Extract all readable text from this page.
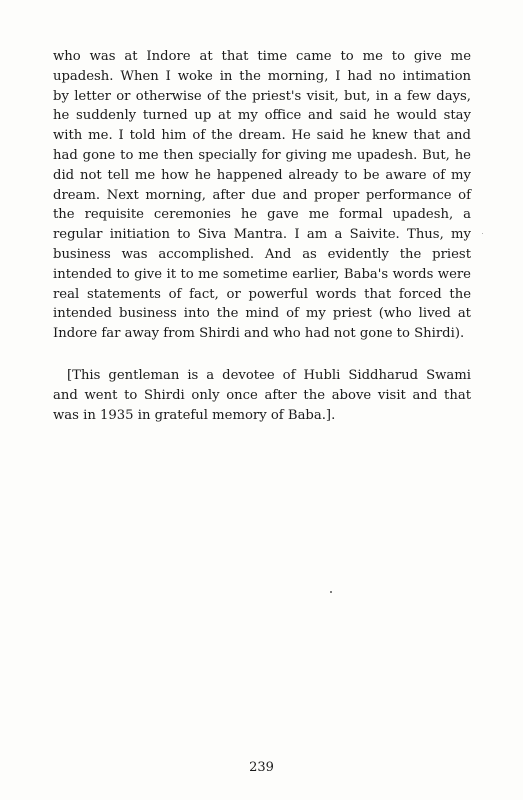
who was at Indore at that time came to me to give me
upadesh. When I woke in the morning, I had no intimation
by letter or otherwise of the priest's visit, but, in a few days,
he suddenly turned up at my office and said he would stay
with me. I told him of the dream. He said he knew that and
had gone to me then specially for giving me upadesh. But, he
did not tell me how he happened already to be aware of my
dream. Next morning, after due and proper performance of
the requisite ceremonies he gave me formal upadesh, a
regular initiation to Siva Mantra. I am a Saivite. Thus, my
business was accomplished. And as evidently the priest
intended to give it to me sometime earlier, Baba's words were
real statements of fact, or powerful words that forced the
intended business into the mind of my priest (who lived at
Indore far away from Shirdi and who had not gone to Shirdi).
[This gentleman is a devotee of Hubli Siddharud Swami
and went to Shirdi only once after the above visit and that
was in 1935 in grateful memory of Baba.].
239
